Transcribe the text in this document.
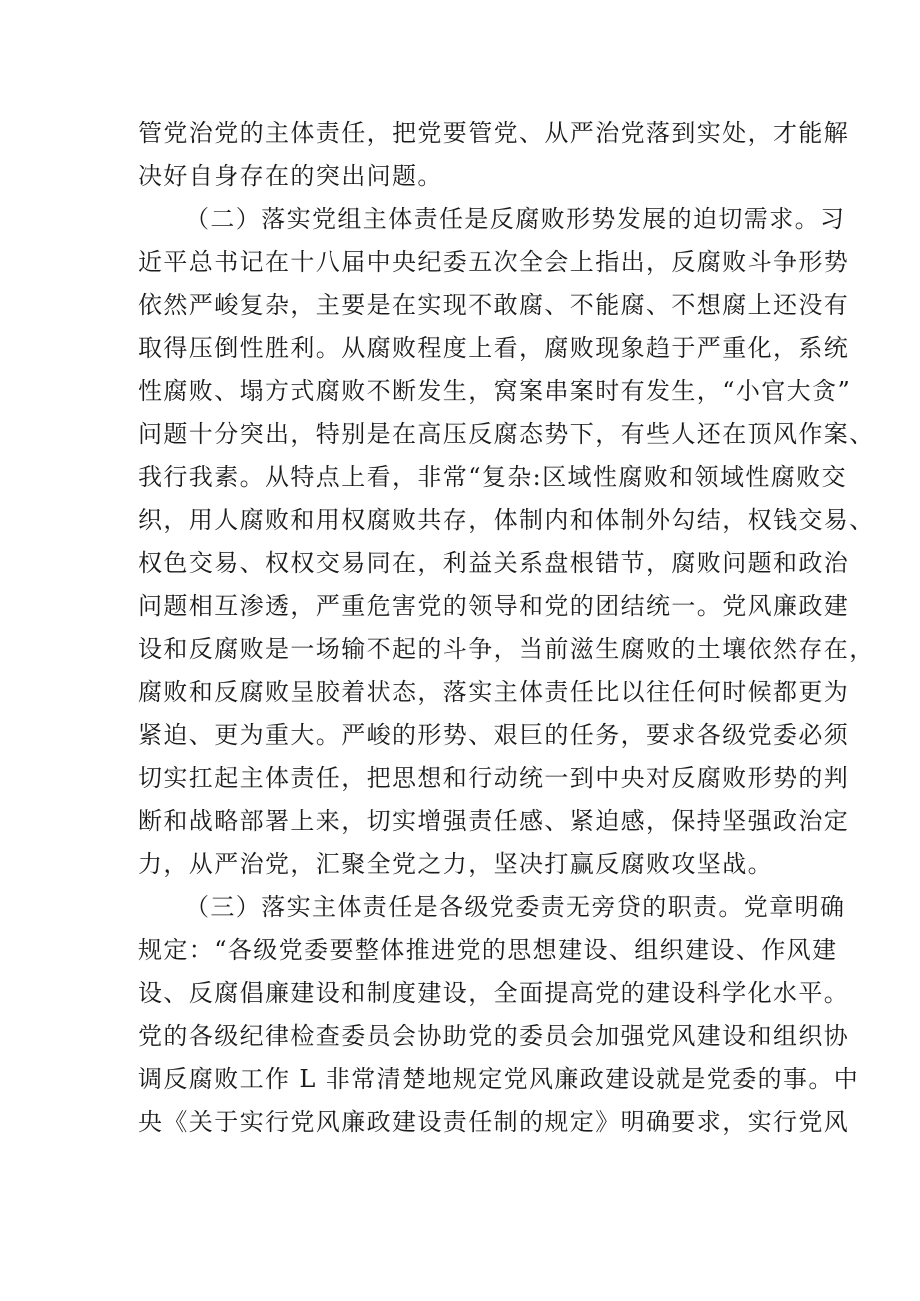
管党治党的主体责任，把党要管党、从严治党落到实处，才能解
决好自身存在的突出问题。
（二）落实党组主体责任是反腐败形势发展的迫切需求。习
近平总书记在十八届中央纪委五次全会上指出，反腐败斗争形势
依然严峻复杂，主要是在实现不敢腐、不能腐、不想腐上还没有
取得压倒性胜利。从腐败程度上看，腐败现象趋于严重化，系统
性腐败、塌方式腐败不断发生，窝案串案时有发生，“小官大贪”
问题十分突出，特别是在高压反腐态势下，有些人还在顶风作案、
我行我素。从特点上看，非常“复杂:区域性腐败和领域性腐败交
织，用人腐败和用权腐败共存，体制内和体制外勾结，权钱交易、
权色交易、权权交易同在，利益关系盘根错节，腐败问题和政治
问题相互渗透，严重危害党的领导和党的团结统一。党风廉政建
设和反腐败是一场输不起的斗争，当前滋生腐败的土壤依然存在，
腐败和反腐败呈胶着状态，落实主体责任比以往任何时候都更为
紧迫、更为重大。严峻的形势、艰巨的任务，要求各级党委必须
切实扛起主体责任，把思想和行动统一到中央对反腐败形势的判
断和战略部署上来，切实增强责任感、紧迫感，保持坚强政治定
力，从严治党，汇聚全党之力，坚决打赢反腐败攻坚战。
（三）落实主体责任是各级党委责无旁贷的职责。党章明确
规定：“各级党委要整体推进党的思想建设、组织建设、作风建
设、反腐倡廉建设和制度建设，全面提高党的建设科学化水平。
党的各级纪律检查委员会协助党的委员会加强党风建设和组织协
调反腐败工作 L 非常清楚地规定党风廉政建设就是党委的事。中
央《关于实行党风廉政建设责任制的规定》明确要求，实行党风
